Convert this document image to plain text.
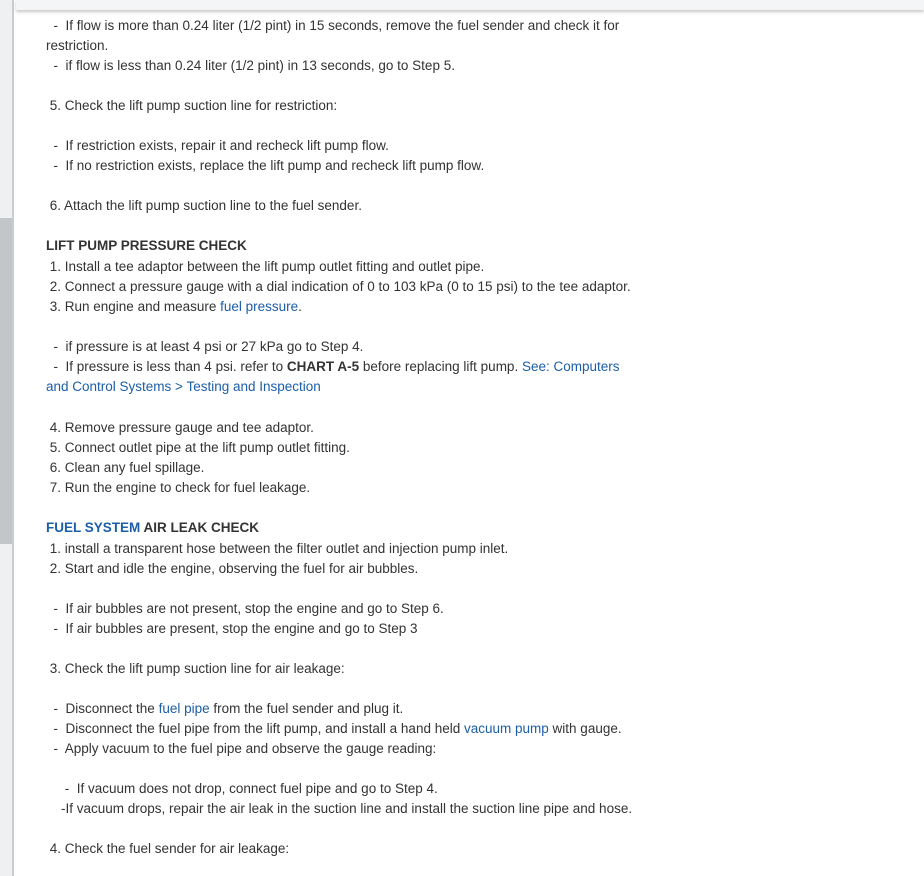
-  If flow is more than 0.24 liter (1/2 pint) in 15 seconds, remove the fuel sender and check it for
restriction.
-  if flow is less than 0.24 liter (1/2 pint) in 13 seconds, go to Step 5.
5. Check the lift pump suction line for restriction:
-  If restriction exists, repair it and recheck lift pump flow.
-  If no restriction exists, replace the lift pump and recheck lift pump flow.
6. Attach the lift pump suction line to the fuel sender.
LIFT PUMP PRESSURE CHECK
1. Install a tee adaptor between the lift pump outlet fitting and outlet pipe.
2. Connect a pressure gauge with a dial indication of 0 to 103 kPa (0 to 15 psi) to the tee adaptor.
3. Run engine and measure fuel pressure.
-  if pressure is at least 4 psi or 27 kPa go to Step 4.
-  If pressure is less than 4 psi. refer to CHART A-5 before replacing lift pump. See: Computers
and Control Systems > Testing and Inspection
4. Remove pressure gauge and tee adaptor.
5. Connect outlet pipe at the lift pump outlet fitting.
6. Clean any fuel spillage.
7. Run the engine to check for fuel leakage.
FUEL SYSTEM AIR LEAK CHECK
1. install a transparent hose between the filter outlet and injection pump inlet.
2. Start and idle the engine, observing the fuel for air bubbles.
-  If air bubbles are not present, stop the engine and go to Step 6.
-  If air bubbles are present, stop the engine and go to Step 3
3. Check the lift pump suction line for air leakage:
-  Disconnect the fuel pipe from the fuel sender and plug it.
-  Disconnect the fuel pipe from the lift pump, and install a hand held vacuum pump with gauge.
-  Apply vacuum to the fuel pipe and observe the gauge reading:
-  If vacuum does not drop, connect fuel pipe and go to Step 4.
-If vacuum drops, repair the air leak in the suction line and install the suction line pipe and hose.
4. Check the fuel sender for air leakage:
